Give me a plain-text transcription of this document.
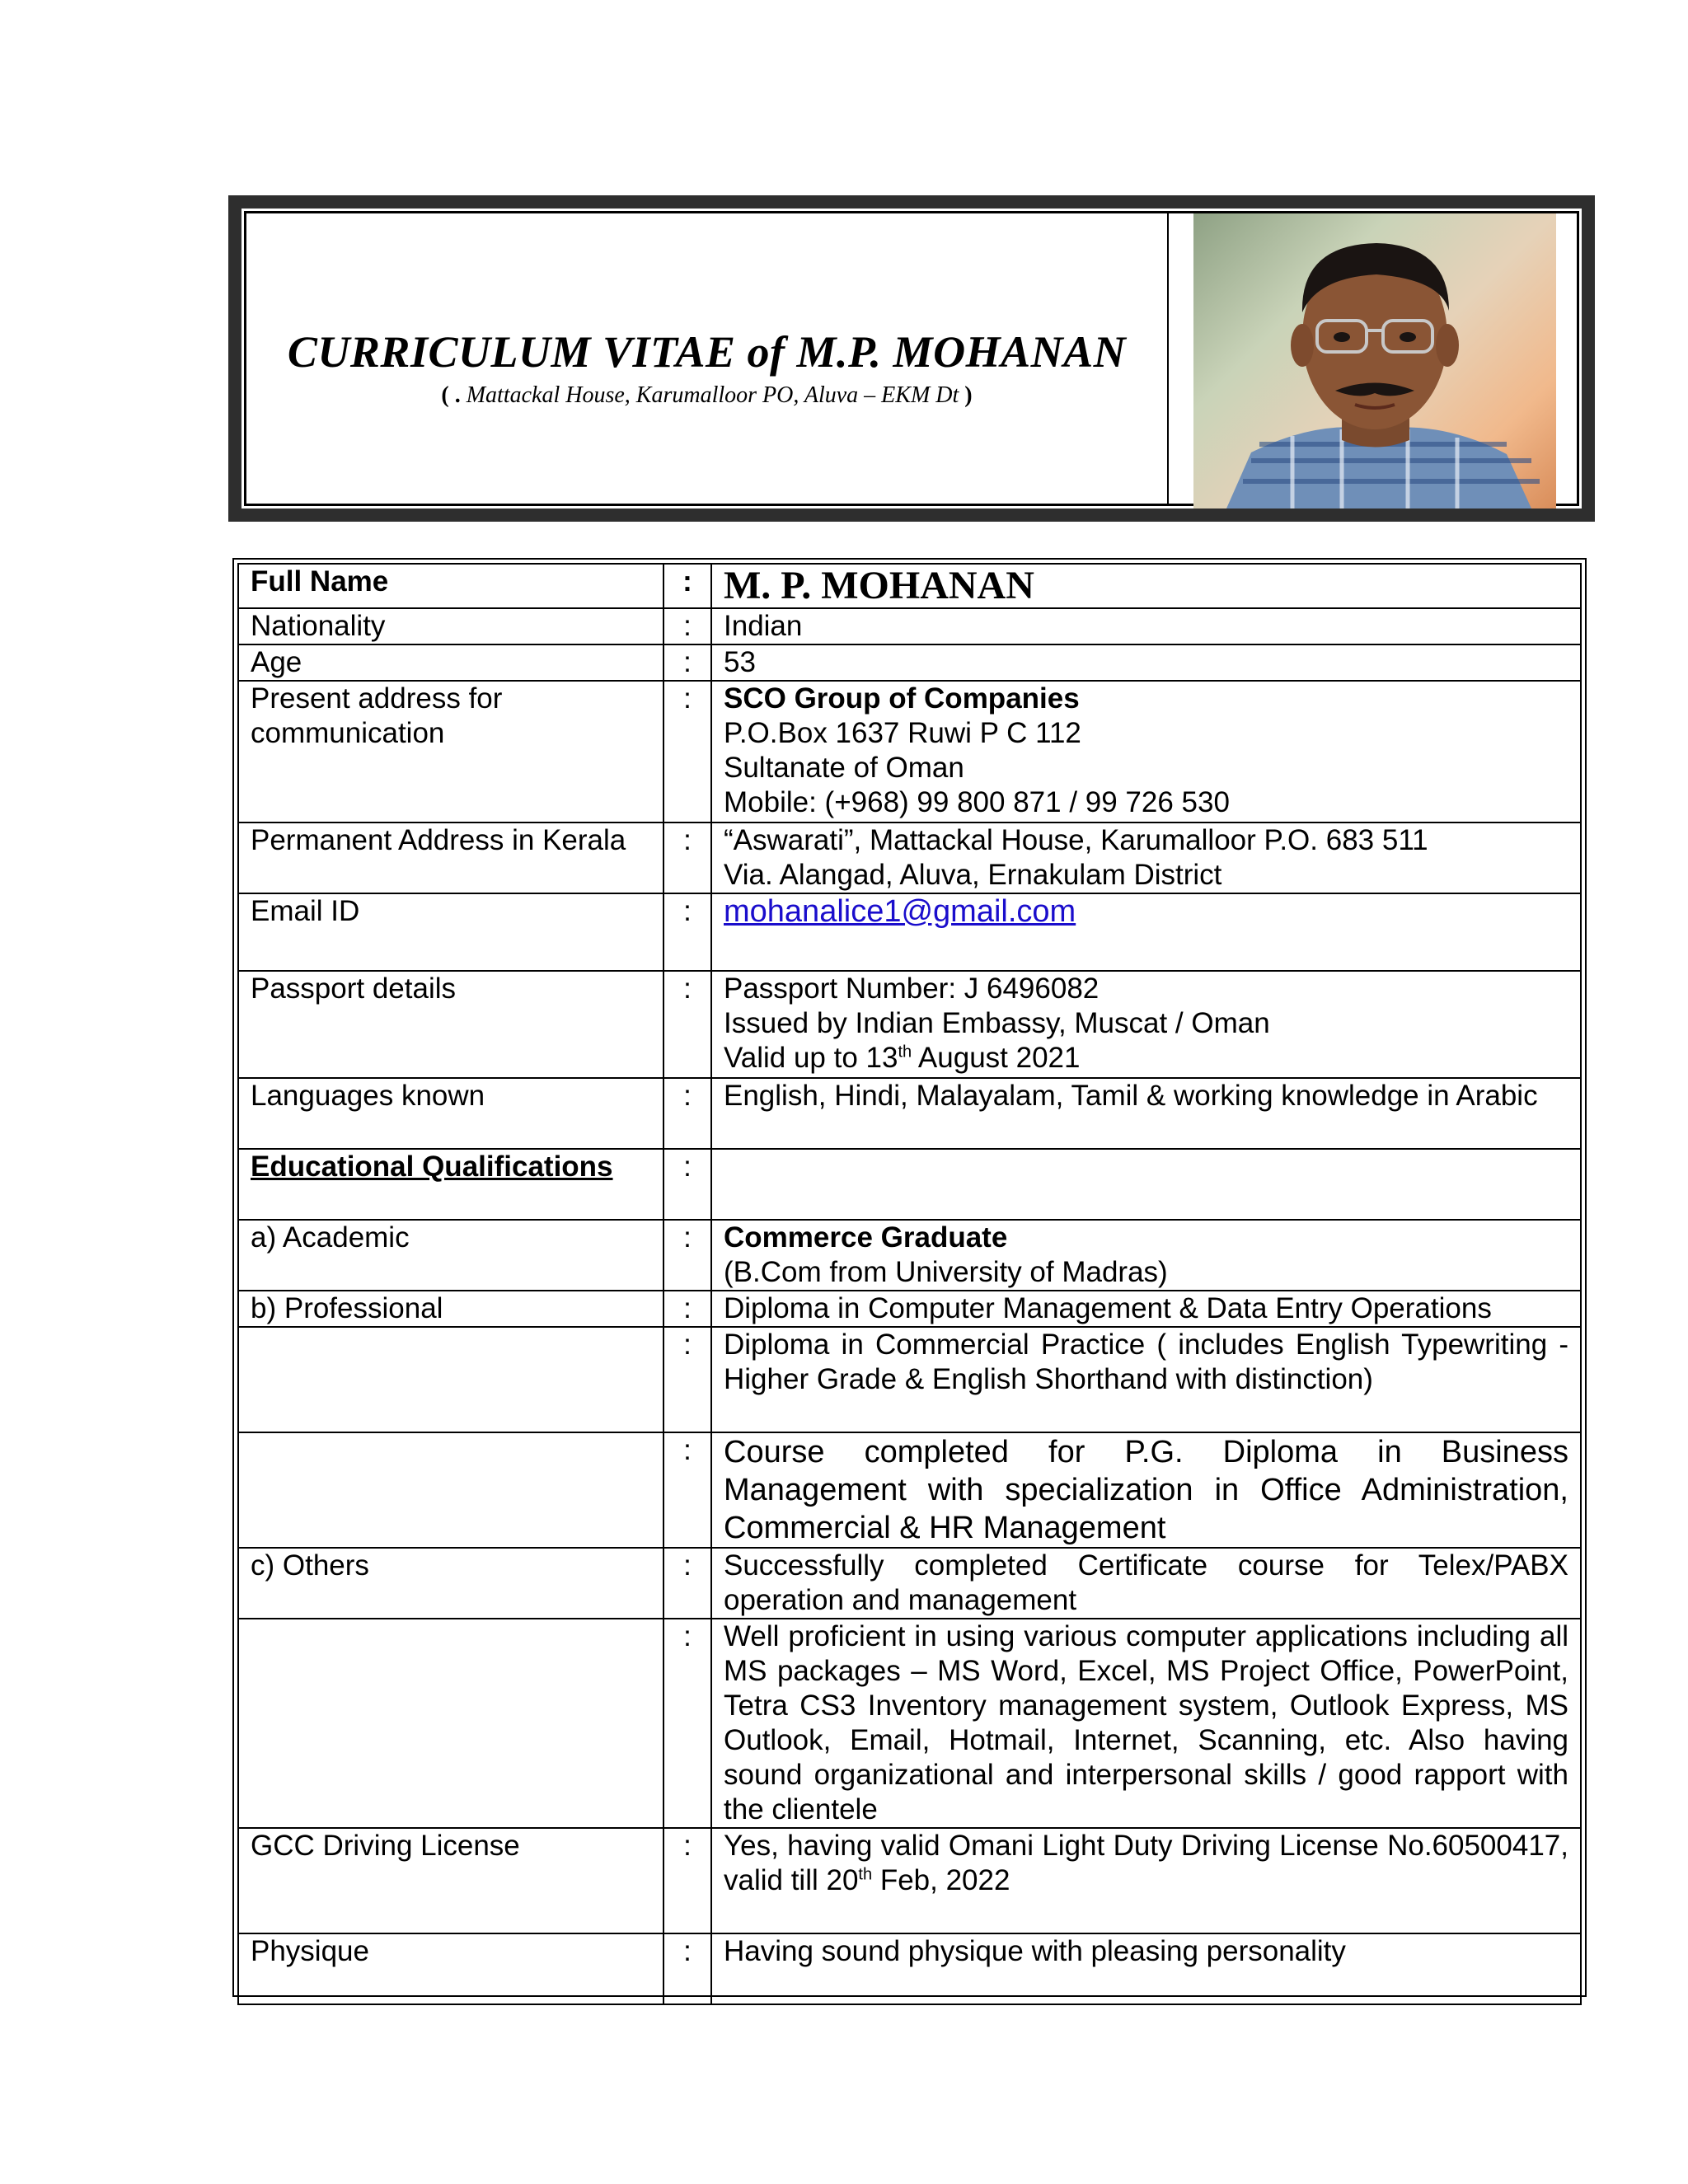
CURRICULUM VITAE of M.P. MOHANAN
( . Mattackal House, Karumalloor PO, Aluva – EKM Dt )
Full Name	:	M. P. MOHANAN
Nationality	:	Indian
Age	:	53
Present address for communication	:	SCO Group of Companies
P.O.Box 1637 Ruwi P C 112
Sultanate of Oman
Mobile: (+968) 99 800 871 / 99 726 530

Permanent Address in Kerala	:	“Aswarati”, Mattackal House, Karumalloor P.O. 683 511
Via. Alangad, Aluva, Ernakulam District

Email ID	:	mohanalice1@gmail.com
Passport details	:	Passport Number: J 6496082
Issued by Indian Embassy, Muscat / Oman
Valid up to 13th August 2021

Languages known	:	English, Hindi, Malayalam, Tamil & working knowledge in Arabic
Educational Qualifications	:	
a) Academic	:	Commerce Graduate
(B.Com from University of Madras)

b) Professional	:	Diploma in Computer Management & Data Entry Operations
	:	Diploma in Commercial Practice ( includes English Typewriting - Higher Grade & English Shorthand with distinction)
	:	Course completed for P.G. Diploma in Business Management with specialization in Office Administration, Commercial & HR Management
c) Others	:	Successfully completed Certificate course for Telex/PABX operation and management
	:	Well proficient in using various computer applications including all MS packages – MS Word, Excel, MS Project Office, PowerPoint, Tetra CS3 Inventory management system, Outlook Express, MS Outlook, Email, Hotmail, Internet, Scanning, etc. Also having sound organizational and interpersonal skills / good rapport with the clientele
GCC Driving License	:	Yes, having valid Omani Light Duty Driving License No.60500417, valid till 20th Feb, 2022
Physique	:	Having sound physique with pleasing personality
